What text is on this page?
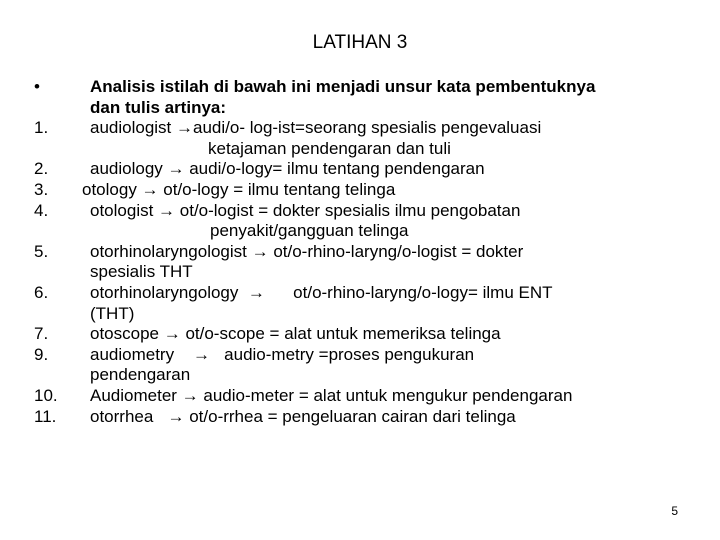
LATIHAN 3
•	Analisis istilah di bawah ini menjadi unsur kata pembentuknya
dan tulis artinya:
1.	audiologist →audi/o- log-ist=seorang spesialis pengevaluasi
ketajaman pendengaran dan tuli
2.	audiology → audi/o-logy= ilmu tentang pendengaran
3.	otology → ot/o-logy = ilmu tentang telinga
4.	otologist → ot/o-logist = dokter spesialis ilmu pengobatan
penyakit/gangguan telinga
5.	otorhinolaryngologist → ot/o-rhino-laryng/o-logist = dokter
spesialis THT
6.	otorhinolaryngology  →      ot/o-rhino-laryng/o-logy= ilmu ENT
(THT)
7.	otoscope → ot/o-scope = alat untuk memeriksa telinga
9.	audiometry    →   audio-metry =proses pengukuran
pendengaran
10.	Audiometer → audio-meter = alat untuk mengukur pendengaran
11.	otorrhea   → ot/o-rrhea = pengeluaran cairan dari telinga
5
